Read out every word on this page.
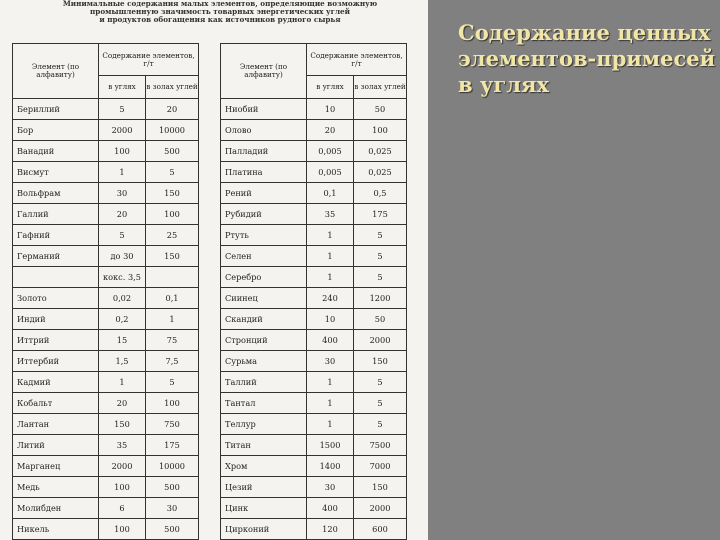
Минимальные содержания малых элементов, определяющие возможную
промышленную значимость товарных энергетических углей
и продуктов обогащения как источников рудного сырья
Элемент (по алфавиту)	Содержание элементов, г/т			Элемент (по алфавиту)	Содержание элементов, г/т	
	в углях	в золах углей			в углях	в золах углей
Бериллий	5	20		Ниобий	10	50
Бор	2000	10000		Олово	20	100
Ванадий	100	500		Палладий	0,005	0,025
Висмут	1	5		Платина	0,005	0,025
Вольфрам	30	150		Рений	0,1	0,5
Галлий	20	100		Рубидий	35	175
Гафний	5	25		Ртуть	1	5
Германий	до 30	150		Селен	1	5
	кокс. 3,5			Серебро	1	5
Золото	0,02	0,1		Сиинец	240	1200
Индий	0,2	1		Скандий	10	50
Иттрий	15	75		Стронций	400	2000
Иттербий	1,5	7,5		Сурьма	30	150
Кадмий	1	5		Таллий	1	5
Кобальт	20	100		Тантал	1	5
Лантан	150	750		Теллур	1	5
Литий	35	175		Титан	1500	7500
Марганец	2000	10000		Хром	1400	7000
Медь	100	500		Цезий	30	150
Молибден	6	30		Цинк	400	2000
Никель	100	500		Цирконий	120	600
Содержание ценных элементов-примесей в углях
